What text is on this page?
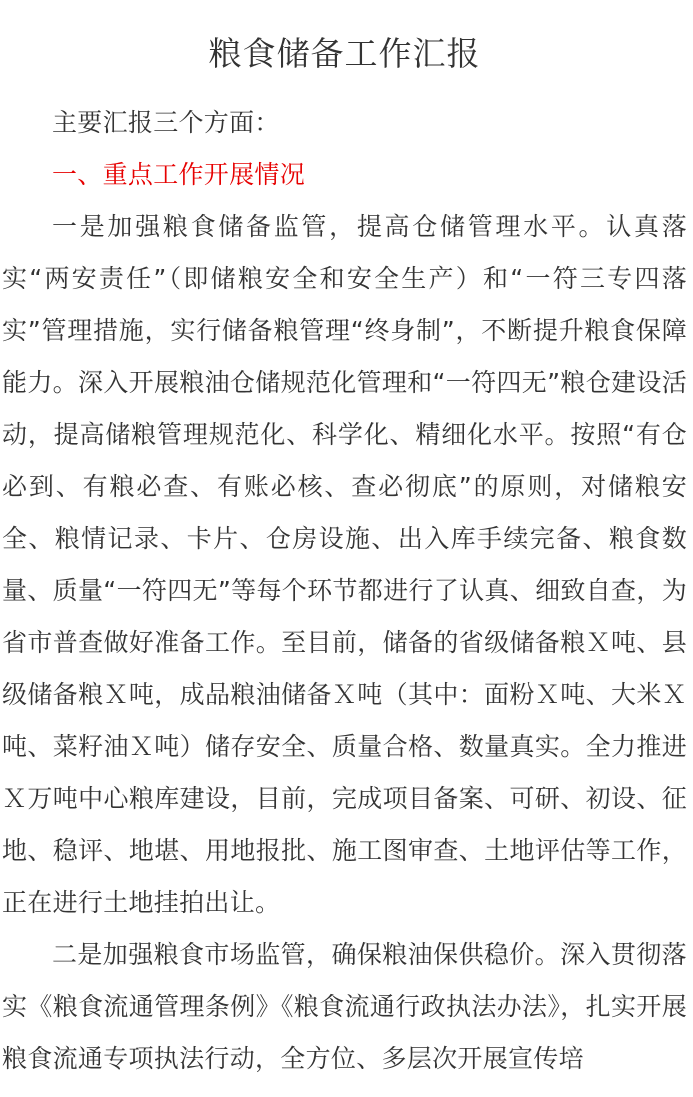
粮食储备工作汇报

主要汇报三个方面：

一、重点工作开展情况

一是加强粮食储备监管，提高仓储管理水平。认真落实“两安责任”（即储粮安全和安全生产）和“一符三专四落实”管理措施，实行储备粮管理“终身制”，不断提升粮食保障能力。深入开展粮油仓储规范化管理和“一符四无”粮仓建设活动，提高储粮管理规范化、科学化、精细化水平。按照“有仓必到、有粮必查、有账必核、查必彻底”的原则，对储粮安全、粮情记录、卡片、仓房设施、出入库手续完备、粮食数量、质量“一符四无”等每个环节都进行了认真、细致自查，为省市普查做好准备工作。至目前，储备的省级储备粮Ｘ吨、县级储备粮Ｘ吨，成品粮油储备Ｘ吨（其中：面粉Ｘ吨、大米Ｘ吨、菜籽油Ｘ吨）储存安全、质量合格、数量真实。全力推进Ｘ万吨中心粮库建设，目前，完成项目备案、可研、初设、征地、稳评、地堪、用地报批、施工图审查、土地评估等工作，正在进行土地挂拍出让。

二是加强粮食市场监管，确保粮油保供稳价。深入贯彻落实《粮食流通管理条例》《粮食流通行政执法办法》，扎实开展粮食流通专项执法行动，全方位、多层次开展宣传培
